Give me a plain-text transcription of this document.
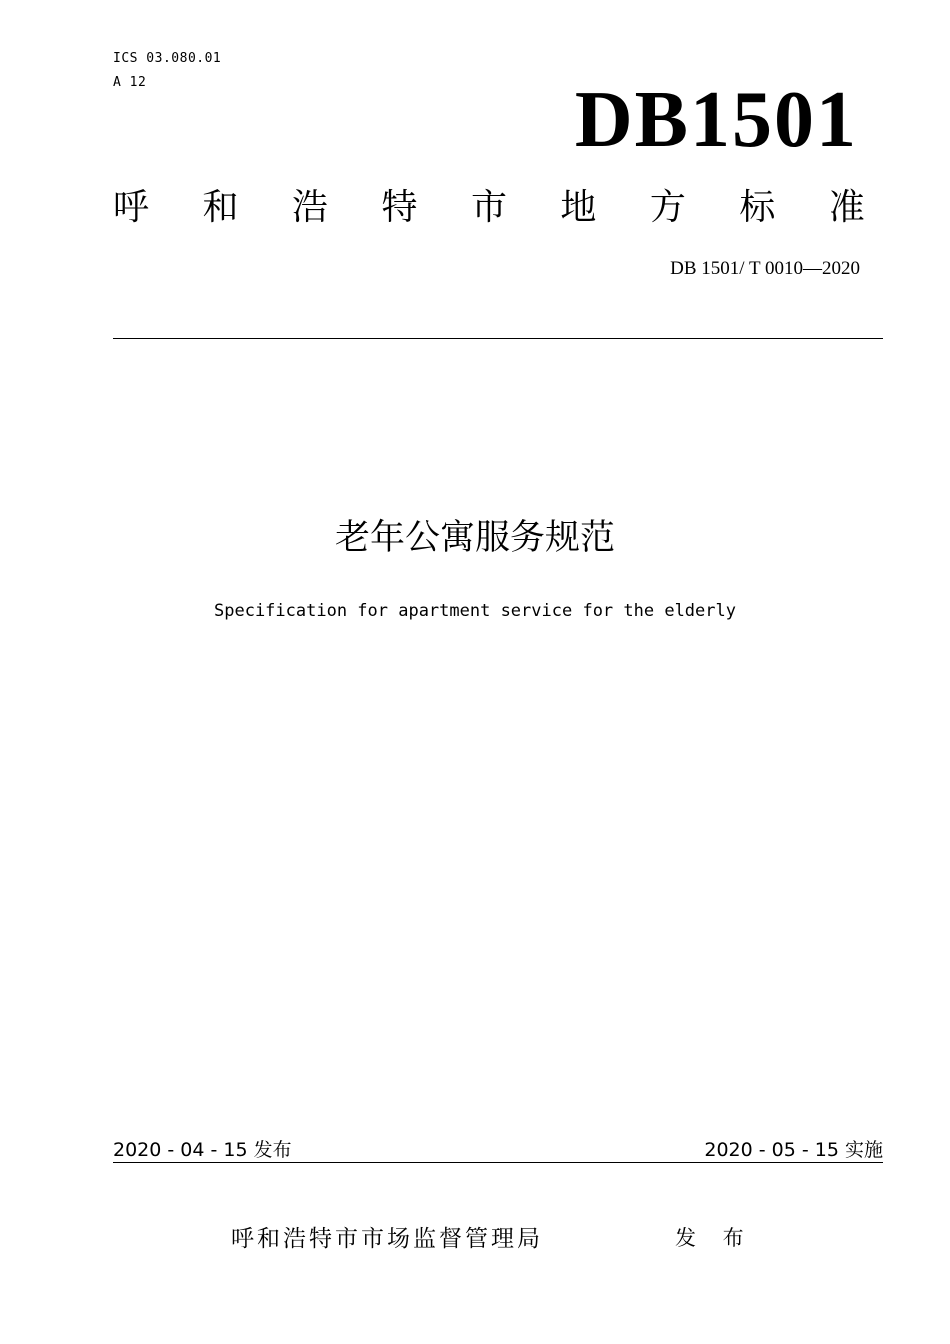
ICS 03.080.01
A 12	DB1501
呼 和 浩 特 市 地 方 标 准
DB 1501/ T 0010—2020
老年公寓服务规范
Specification for apartment service for the elderly
2020 - 04 - 15 发布	2020 - 05 - 15 实施
呼和浩特市市场监督管理局	发 布
